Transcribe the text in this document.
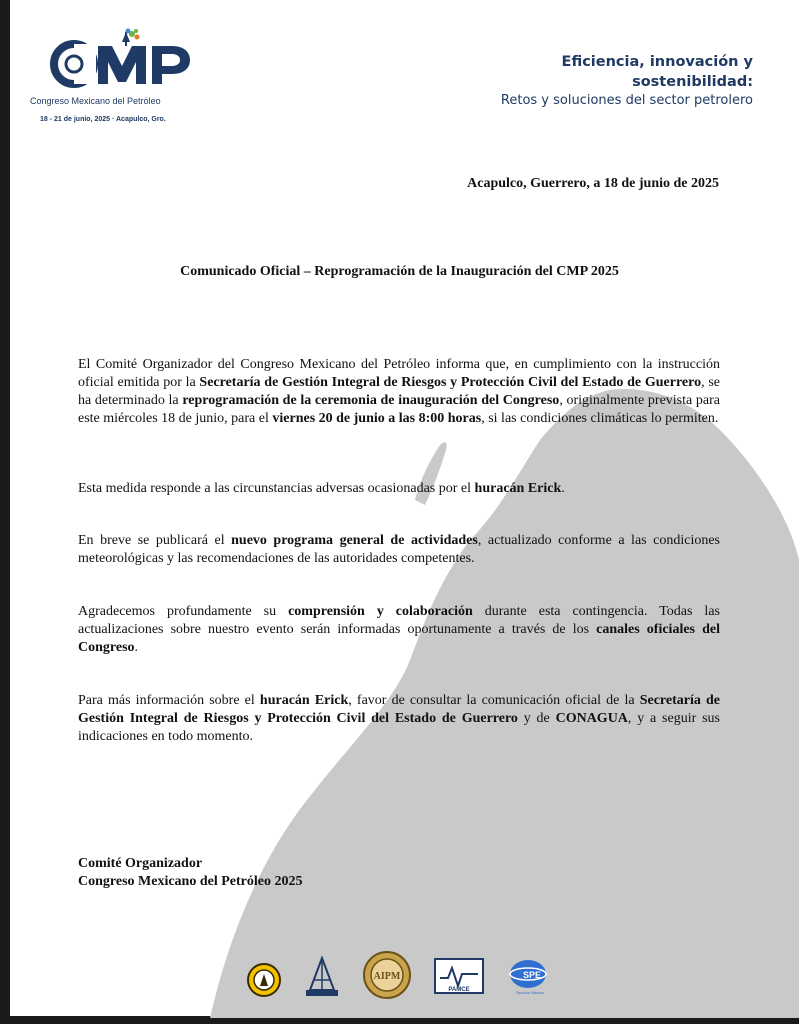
Congreso Mexicano del Petróleo
18 - 21 de junio, 2025 · Acapulco, Gro.
Eficiencia, innovación y
sostenibilidad:
Retos y soluciones del sector petrolero
Acapulco, Guerrero, a 18 de junio de 2025
Comunicado Oficial – Reprogramación de la Inauguración del CMP 2025
El Comité Organizador del Congreso Mexicano del Petróleo informa que, en cumplimiento con la instrucción oficial emitida por la Secretaría de Gestión Integral de Riesgos y Protección Civil del Estado de Guerrero, se ha determinado la reprogramación de la ceremonia de inauguración del Congreso, originalmente prevista para este miércoles 18 de junio, para el viernes 20 de junio a las 8:00 horas, si las condiciones climáticas lo permiten.
Esta medida responde a las circunstancias adversas ocasionadas por el huracán Erick.
En breve se publicará el nuevo programa general de actividades, actualizado conforme a las condiciones meteorológicas y las recomendaciones de las autoridades competentes.
Agradecemos profundamente su comprensión y colaboración durante esta contingencia. Todas las actualizaciones sobre nuestro evento serán informadas oportunamente a través de los canales oficiales del Congreso.
Para más información sobre el huracán Erick, favor de consultar la comunicación oficial de la Secretaría de Gestión Integral de Riesgos y Protección Civil del Estado de Guerrero y de CONAGUA, y a seguir sus indicaciones en todo momento.
Comité Organizador
Congreso Mexicano del Petróleo 2025
AIPM
PAMCE
SPE
Sección México
